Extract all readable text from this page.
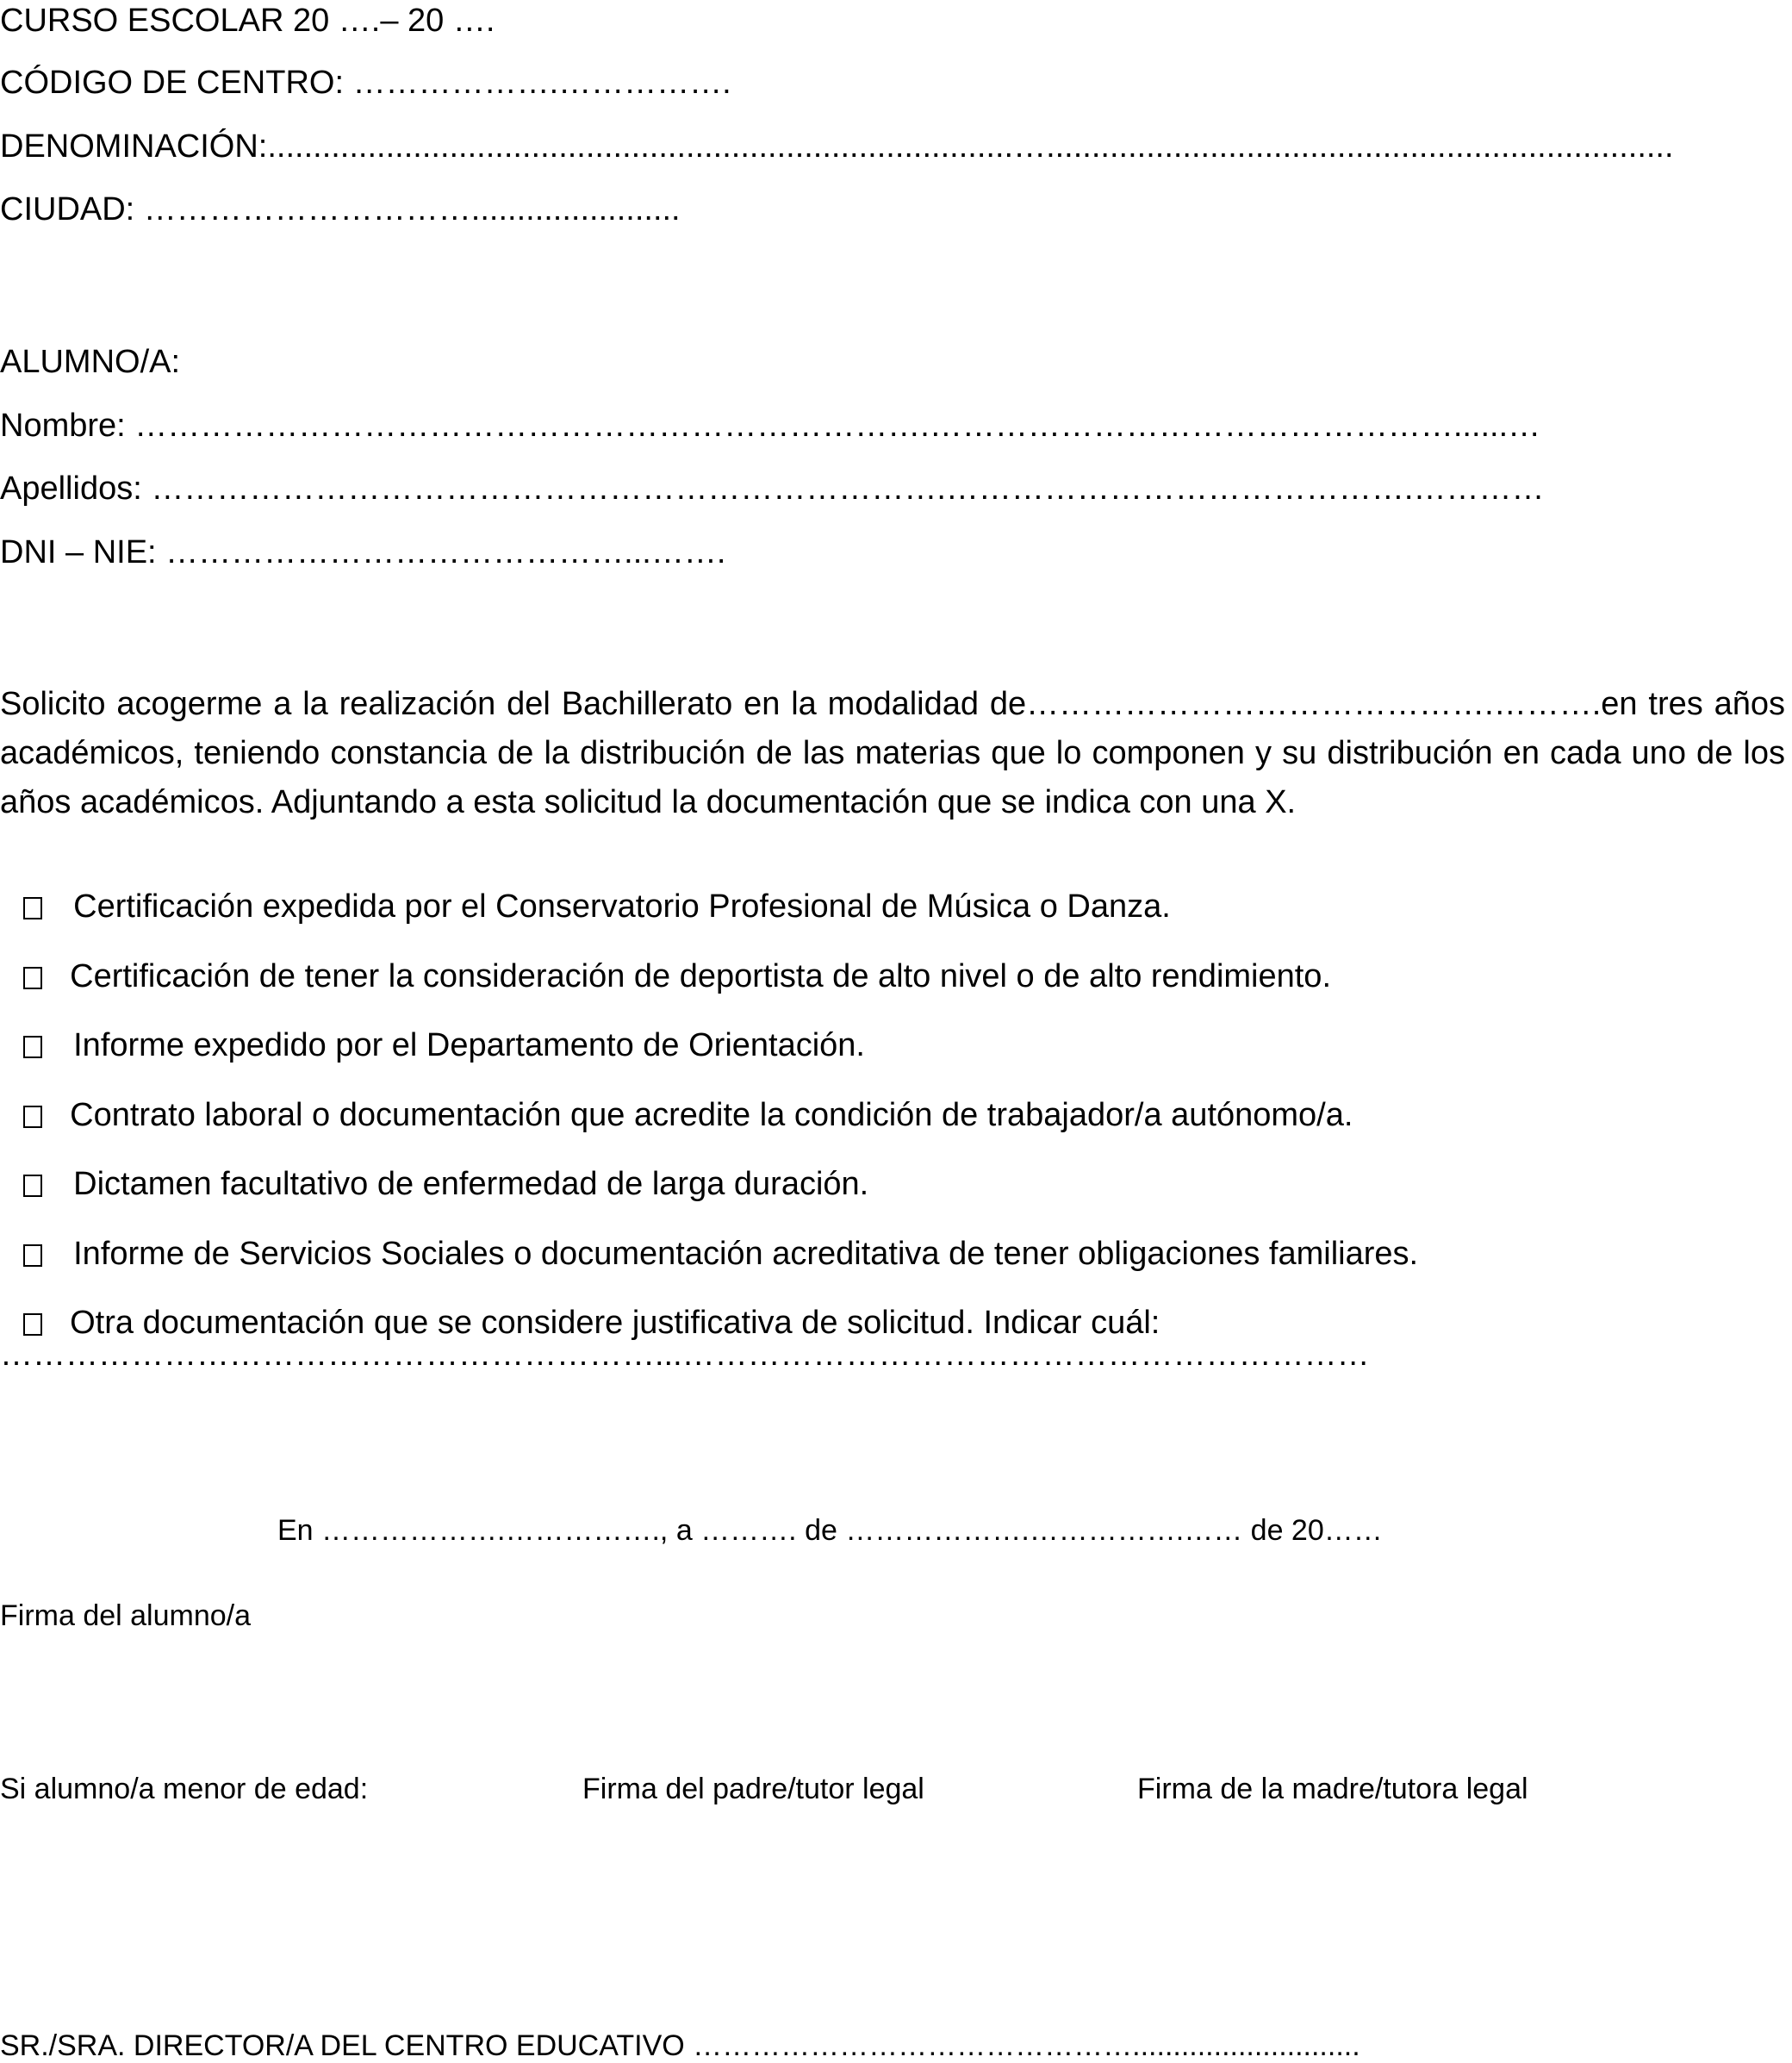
CURSO ESCOLAR 20 ….– 20 ….
CÓDIGO DE CENTRO: ……………….…………….
DENOMINACIÓN:..................................................................................….....................................................................
CIUDAD: ………………………….......................
ALUMNO/A:
Nombre: ……………………………………………………………….…………………………………………......…
Apellidos: ……………………………………………………………….…………………………………….…………
DNI – NIE: ……………………………………...…….
Solicito acogerme a la realización del Bachillerato en la modalidad de…………………………………….……….en tres años académicos, teniendo constancia de la distribución de las materias que lo componen y su distribución en cada uno de los años académicos. Adjuntando a esta solicitud la documentación que se indica con una X.

Certificación expedida por el Conservatorio Profesional de Música o Danza.

Certificación de tener la consideración de deportista de alto nivel o de alto rendimiento.

Informe expedido por el Departamento de Orientación.

Contrato laboral o documentación que acredite la condición de trabajador/a autónomo/a.

Dictamen facultativo de enfermedad de larga duración.

Informe de Servicios Sociales o documentación acreditativa de tener obligaciones familiares.

Otra documentación que se considere justificativa de solicitud. Indicar cuál:

……………………………………………………...………………………………………………………
En ……………….……………., a ………. de ……………….…………….…… de 20……
Firma del alumno/a
Si alumno/a menor de edad:	Firma del padre/tutor legal	Firma de la madre/tutora legal
SR./SRA. DIRECTOR/A DEL CENTRO EDUCATIVO ………………………………………............................
